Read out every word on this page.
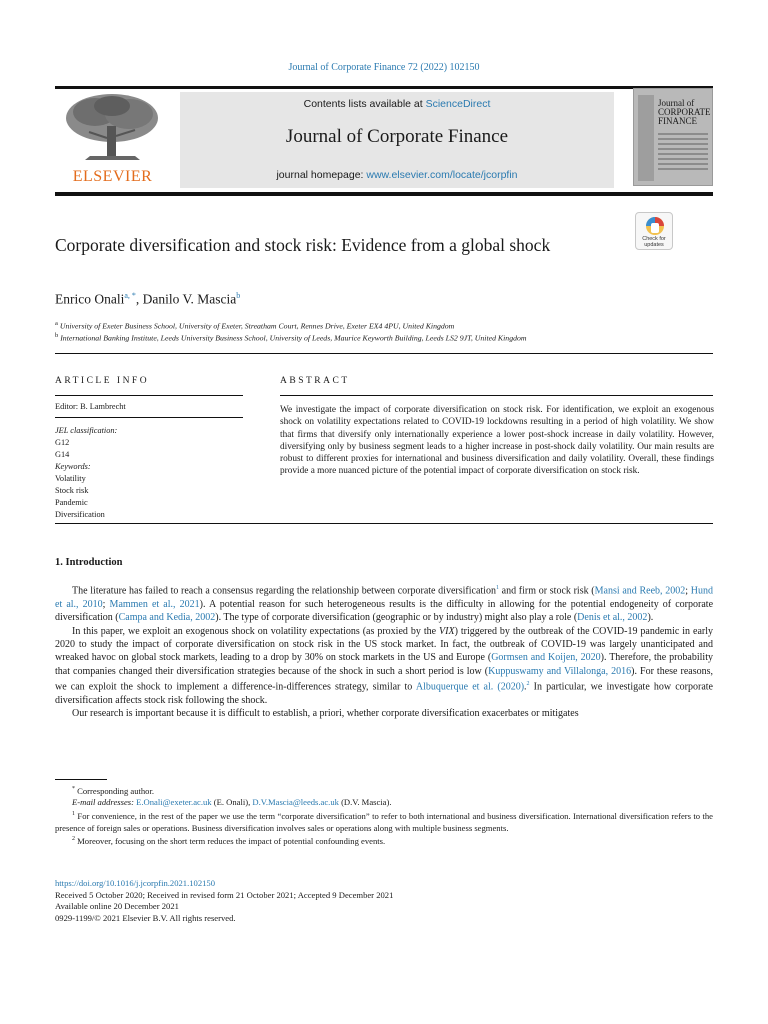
Journal of Corporate Finance 72 (2022) 102150
ELSEVIER
Contents lists available at ScienceDirect
Journal of Corporate Finance
journal homepage: www.elsevier.com/locate/jcorpfin
Journal of CORPORATE FINANCE
Check for updates
Corporate diversification and stock risk: Evidence from a global shock
Enrico Onali$^{a, *}$, Danilo V. Mascia$^b$
$^a$ University of Exeter Business School, University of Exeter, Streatham Court, Rennes Drive, Exeter EX4 4PU, United Kingdom
$^b$ International Banking Institute, Leeds University Business School, University of Leeds, Maurice Keyworth Building, Leeds LS2 9JT, United Kingdom
ARTICLE INFO	ABSTRACT
Editor: B. Lambrecht
JEL classification:
G12
G14
Keywords:
Volatility
Stock risk
Pandemic
Diversification
We investigate the impact of corporate diversification on stock risk. For identification, we exploit an exogenous shock on volatility expectations related to COVID-19 lockdowns resulting in a period of high volatility. We show that firms that diversify only internationally experience a lower post-shock increase in daily volatility. However, diversifying only by business segment leads to a higher increase in post-shock daily volatility. Our main results are robust to different proxies for international and business diversification and daily volatility. Overall, these findings provide a more nuanced picture of the potential impact of corporate diversification on stock risk.
1. Introduction

The literature has failed to reach a consensus regarding the relationship between corporate diversification$^1$ and firm or stock risk (Mansi and Reeb, 2002; Hund et al., 2010; Mammen et al., 2021). A potential reason for such heterogeneous results is the difficulty in allowing for the potential endogeneity of corporate diversification (Campa and Kedia, 2002). The type of corporate diversification (geographic or by industry) might also play a role (Denis et al., 2002).

In this paper, we exploit an exogenous shock on volatility expectations (as proxied by the VIX) triggered by the outbreak of the COVID-19 pandemic in early 2020 to study the impact of corporate diversification on stock risk in the US stock market. In fact, the outbreak of COVID-19 was largely unanticipated and wreaked havoc on global stock markets, leading to a drop by 30% on stock markets in the US and Europe (Gormsen and Koijen, 2020). Therefore, the probability that companies changed their diversification strategies because of the shock in such a short period is low (Kuppuswamy and Villalonga, 2016). For these reasons, we can exploit the shock to implement a difference-in-differences strategy, similar to Albuquerque et al. (2020).$^2$ In particular, we investigate how corporate diversification affects stock risk following the shock.

Our research is important because it is difficult to establish, a priori, whether corporate diversification exacerbates or mitigates

* Corresponding author.
E-mail addresses: E.Onali@exeter.ac.uk (E. Onali), D.V.Mascia@leeds.ac.uk (D.V. Mascia).
$^1$ For convenience, in the rest of the paper we use the term “corporate diversification” to refer to both international and business diversification. International diversification refers to the presence of foreign sales or operations. Business diversification involves sales or operations along with multiple business segments.
$^2$ Moreover, focusing on the short term reduces the impact of potential confounding events.
https://doi.org/10.1016/j.jcorpfin.2021.102150
Received 5 October 2020; Received in revised form 21 October 2021; Accepted 9 December 2021
Available online 20 December 2021
0929-1199/© 2021 Elsevier B.V. All rights reserved.
